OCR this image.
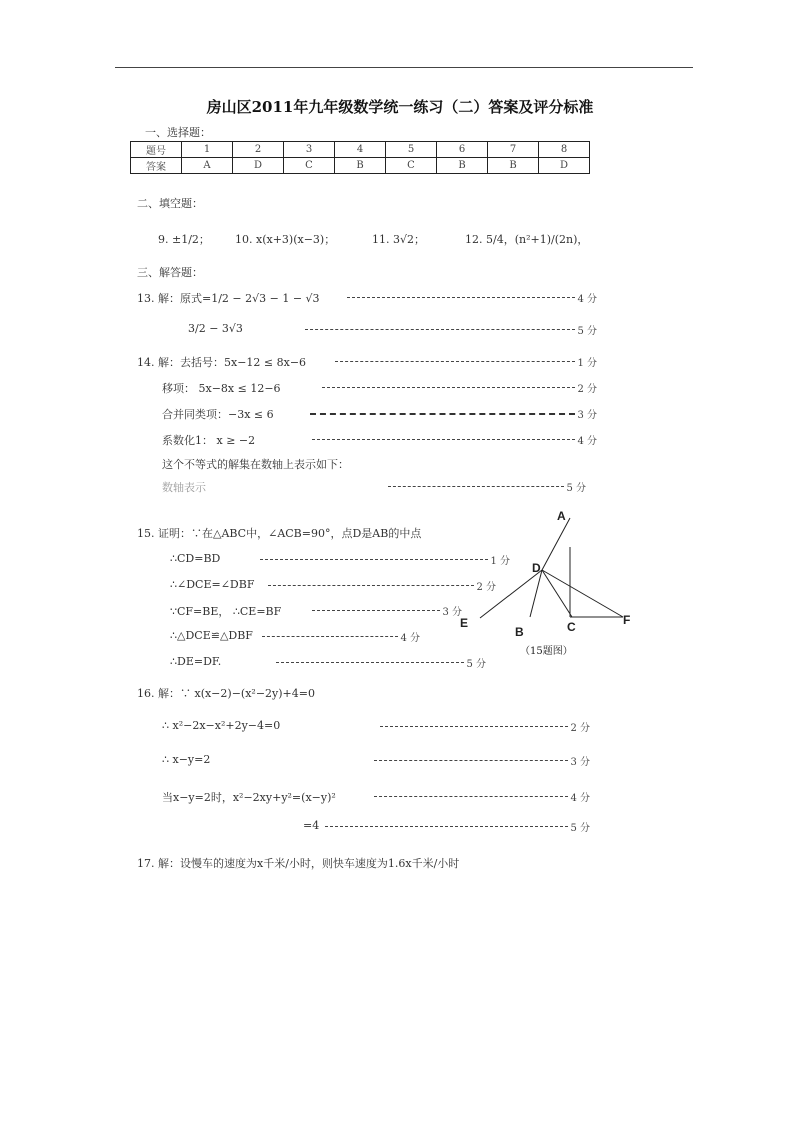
房山区2011年九年级数学统一练习（二）答案及评分标准
一、选择题：
题号	1	2	3	4	5	6	7	8
答案	A	D	C	B	C	B	B	D
二、填空题：
9. ±1/2； 10. x(x+3)(x−3)；	11. 3√2；	12. 5/4，(n²+1)/(2n)，
三、解答题：
13. 解：原式=1/2 − 2√3 − 1 − √3	4 分
3/2 − 3√3	5 分
14. 解：去括号：5x−12 ≤ 8x−6	1 分
移项： 5x−8x ≤ 12−6	2 分
合并同类项：−3x ≤ 6	3 分
系数化1： x ≥ −2	4 分
这个不等式的解集在数轴上表示如下：
数轴表示	5 分
15. 证明：∵在△ABC中，∠ACB=90°，点D是AB的中点
∴CD=BD	1 分
∴∠DCE=∠DBF	2 分
∵CF=BE， ∴CE=BF	3 分
∴△DCE≌△DBF	4 分
∴DE=DF.	5 分
A
D
E
B	C	F
（15题图）
16. 解：∵ x(x−2)−(x²−2y)+4=0
∴ x²−2x−x²+2y−4=0	2 分
∴ x−y=2	3 分
当x−y=2时，x²−2xy+y²=(x−y)²	4 分
=4	5 分
17. 解：设慢车的速度为x千米/小时，则快车速度为1.6x千米/小时
